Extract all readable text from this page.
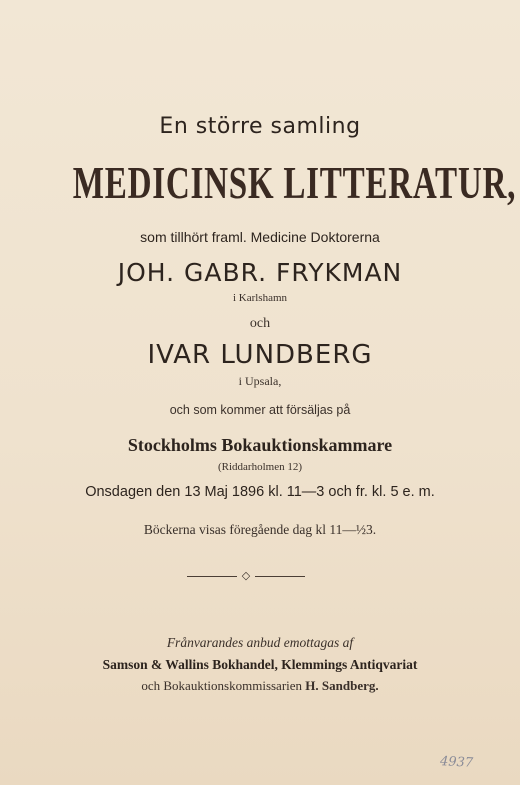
En större samling
MEDICINSK LITTERATUR,
som tillhört framl. Medicine Doktorerna
JOH. GABR. FRYKMAN
i Karlshamn
och
IVAR LUNDBERG
i Upsala,
och som kommer att försäljas på
Stockholms Bokauktionskammare
(Riddarholmen 12)
Onsdagen den 13 Maj 1896 kl. 11—3 och fr. kl. 5 e. m.
Böckerna visas föregående dag kl 11—½3.
◇
Frånvarandes anbud emottagas af
Samson & Wallins Bokhandel, Klemmings Antiqvariat
och Bokauktionskommissarien H. Sandberg.
4937
